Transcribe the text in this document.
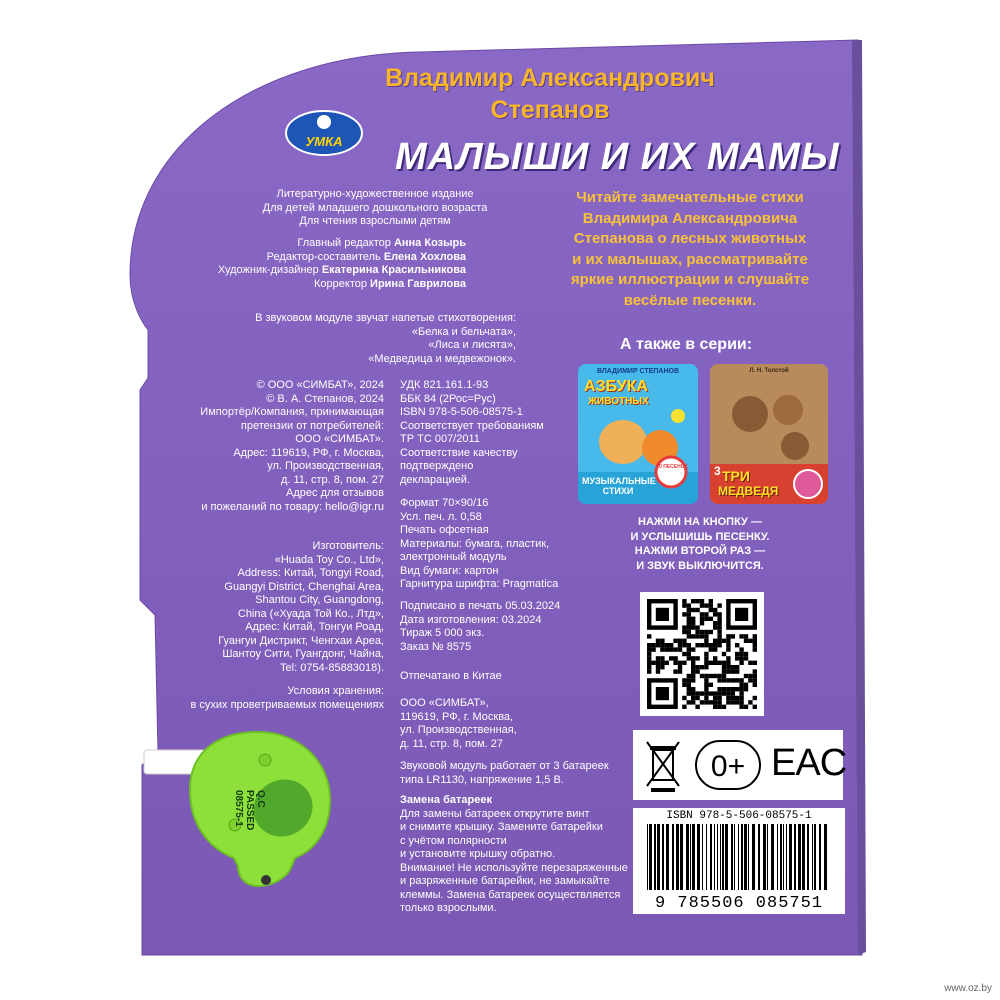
УМКА
Владимир Александрович
Степанов
МАЛЫШИ И ИХ МАМЫ
Литературно-художественное издание
Для детей младшего дошкольного возраста
Для чтения взрослыми детям
Главный редактор Анна Козырь
Редактор-составитель Елена Хохлова
Художник-дизайнер Екатерина Красильникова
Корректор Ирина Гаврилова
В звуковом модуле звучат напетые стихотворения:
«Белка и бельчата»,
«Лиса и лисята»,
«Медведица и медвежонок».
© ООО «СИМБАТ», 2024
© В. А. Степанов, 2024
Импортёр/Компания, принимающая
претензии от потребителей:
ООО «СИМБАТ».
Адрес: 119619, РФ, г. Москва,
ул. Производственная,
д. 11, стр. 8, пом. 27
Адрес для отзывов
и пожеланий по товару: hello@igr.ru
УДК 821.161.1-93
ББК 84 (2Рос=Рус)
ISBN 978-5-506-08575-1
Соответствует требованиям
ТР ТС 007/2011
Соответствие качеству
подтверждено
декларацией.
Изготовитель:
«Huada Toy Co., Ltd»,
Address: Китай, Tongyi Road,
Guangyi District, Chenghai Area,
Shantou City, Guangdong,
China («Хуада Той Ко., Лтд»,
Адрес: Китай, Тонгуи Роад,
Гуангуи Дистрикт, Ченгхаи Ареа,
Шантоу Сити, Гуангдонг, Чайна,
Tel: 0754-85883018).
Условия хранения:
в сухих проветриваемых помещениях
Формат 70×90/16
Усл. печ. л. 0,58
Печать офсетная
Материалы: бумага, пластик,
электронный модуль
Вид бумаги: картон
Гарнитура шрифта: Pragmatica
Подписано в печать 05.03.2024
Дата изготовления: 03.2024
Тираж 5 000 экз.
Заказ № 8575
Отпечатано в Китае
ООО «СИМБАТ»,
119619, РФ, г. Москва,
ул. Производственная,
д. 11, стр. 8, пом. 27
Звуковой модуль работает от 3 батареек
типа LR1130, напряжение 1,5 В.
Замена батареек
Для замены батареек открутите винт
и снимите крышку. Замените батарейки
с учётом полярности
и установите крышку обратно.
Внимание! Не используйте перезаряженные
и разряженные батарейки, не замыкайте
клеммы. Замена батареек осуществляется
только взрослыми.
Читайте замечательные стихи
Владимира Александровича
Степанова о лесных животных
и их малышах, рассматривайте
яркие иллюстрации и слушайте
весёлые песенки.
А также в серии:
ВЛАДИМИР СТЕПАНОВ
АЗБУКА
ЖИВОТНЫХ
10 ПЕСЕНОК
МУЗЫКАЛЬНЫЕ СТИХИ
Л. Н. Толстой
ТРИ
МЕДВЕДЯ
3
НАЖМИ НА КНОПКУ —
И УСЛЫШИШЬ ПЕСЕНКУ.
НАЖМИ ВТОРОЙ РАЗ —
И ЗВУК ВЫКЛЮЧИТСЯ.
0+ EAC
ISBN 978-5-506-08575-1
9 785506 085751
Q.C
PASSED
08575-1
www.oz.by
